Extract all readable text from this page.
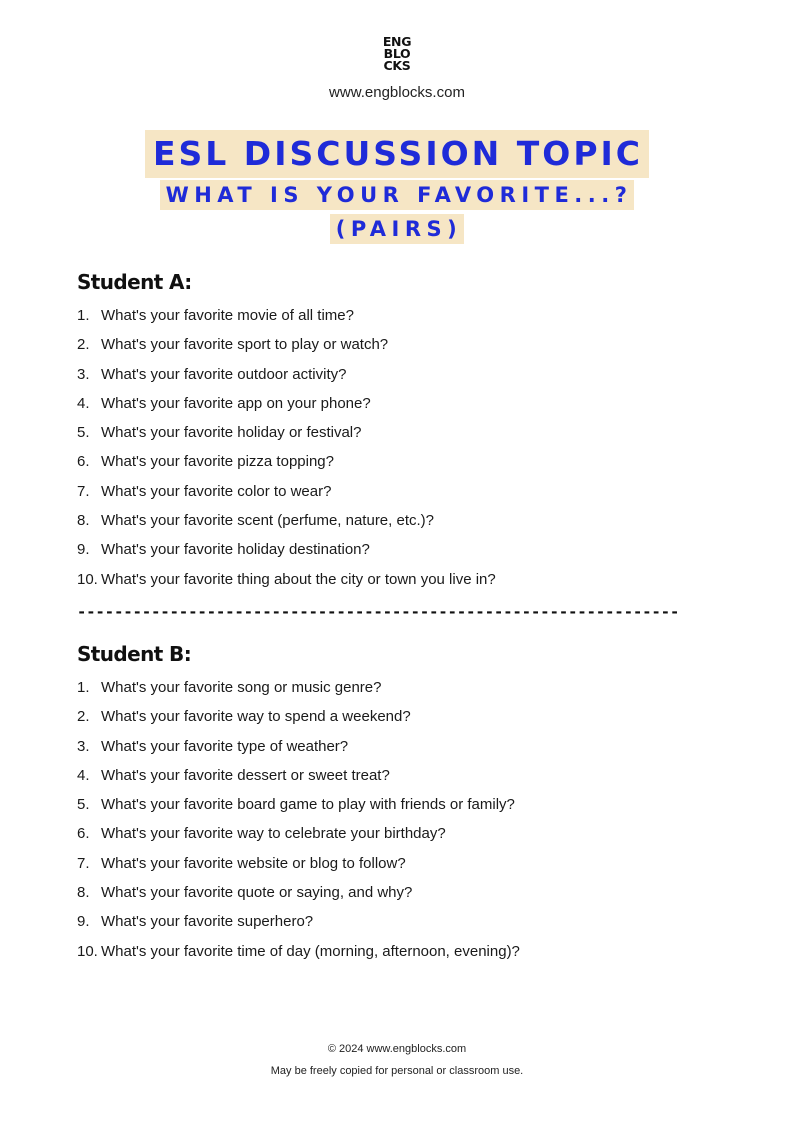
ENG
BLO
CKS
www.engblocks.com
ESL DISCUSSION TOPIC
WHAT IS YOUR FAVORITE...?
(PAIRS)
Student A:
1. What's your favorite movie of all time?
2. What's your favorite sport to play or watch?
3. What's your favorite outdoor activity?
4. What's your favorite app on your phone?
5. What's your favorite holiday or festival?
6. What's your favorite pizza topping?
7. What's your favorite color to wear?
8. What's your favorite scent (perfume, nature, etc.)?
9. What's your favorite holiday destination?
10. What's your favorite thing about the city or town you live in?
-----------------------------------------------------------------
Student B:
1. What's your favorite song or music genre?
2. What's your favorite way to spend a weekend?
3. What's your favorite type of weather?
4. What's your favorite dessert or sweet treat?
5. What's your favorite board game to play with friends or family?
6. What's your favorite way to celebrate your birthday?
7. What's your favorite website or blog to follow?
8. What's your favorite quote or saying, and why?
9. What's your favorite superhero?
10. What's your favorite time of day (morning, afternoon, evening)?
© 2024 www.engblocks.com
May be freely copied for personal or classroom use.
